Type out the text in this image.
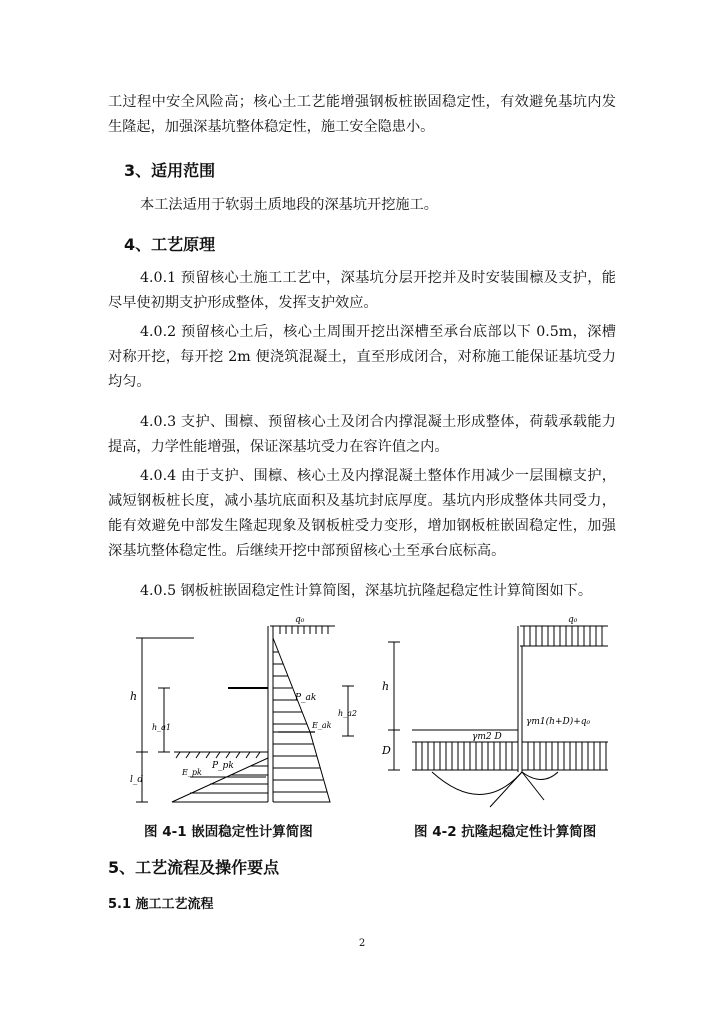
工过程中安全风险高；核心土工艺能增强钢板桩嵌固稳定性，有效避免基坑内发生隆起，加强深基坑整体稳定性，施工安全隐患小。
3、适用范围
本工法适用于软弱土质地段的深基坑开挖施工。
4、工艺原理
4.0.1 预留核心土施工工艺中，深基坑分层开挖并及时安装围檩及支护，能尽早使初期支护形成整体，发挥支护效应。
4.0.2 预留核心土后，核心土周围开挖出深槽至承台底部以下 0.5m，深槽对称开挖，每开挖 2m 便浇筑混凝土，直至形成闭合，对称施工能保证基坑受力均匀。
4.0.3 支护、围檩、预留核心土及闭合内撑混凝土形成整体，荷载承载能力提高，力学性能增强，保证深基坑受力在容许值之内。
4.0.4 由于支护、围檩、核心土及内撑混凝土整体作用减少一层围檩支护，减短钢板桩长度，减小基坑底面积及基坑封底厚度。基坑内形成整体共同受力，能有效避免中部发生隆起现象及钢板桩受力变形，增加钢板桩嵌固稳定性，加强深基坑整体稳定性。后继续开挖中部预留核心土至承台底标高。
4.0.5 钢板桩嵌固稳定性计算简图，深基坑抗隆起稳定性计算简图如下。
q₀
h
h_a1
P_ak
h_a2
E_ak
P_pk
E_pk
l_d
q₀
h
D
γm2 D
γm1(h+D)+q₀
图 4-1 嵌固稳定性计算简图	图 4-2 抗隆起稳定性计算简图
5、工艺流程及操作要点
5.1 施工工艺流程
2
